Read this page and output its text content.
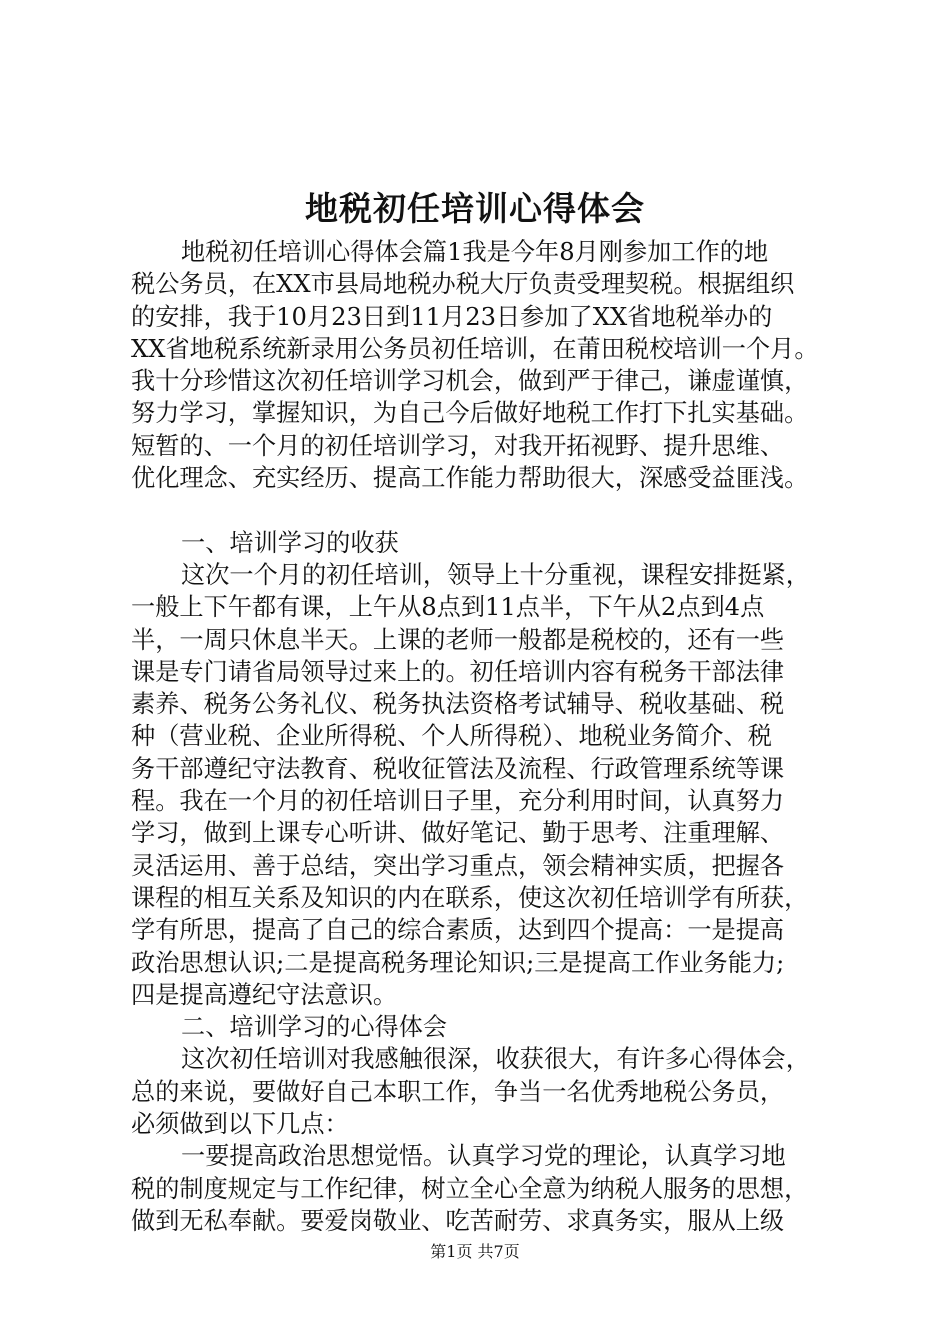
地税初任培训心得体会
地税初任培训心得体会篇1我是今年8月刚参加工作的地
税公务员，在XX市县局地税办税大厅负责受理契税。根据组织
的安排，我于10月23日到11月23日参加了XX省地税举办的
XX省地税系统新录用公务员初任培训，在莆田税校培训一个月。
我十分珍惜这次初任培训学习机会，做到严于律己，谦虚谨慎，
努力学习，掌握知识，为自己今后做好地税工作打下扎实基础。
短暂的、一个月的初任培训学习，对我开拓视野、提升思维、
优化理念、充实经历、提高工作能力帮助很大，深感受益匪浅。
一、培训学习的收获
这次一个月的初任培训，领导上十分重视，课程安排挺紧，
一般上下午都有课，上午从8点到11点半，下午从2点到4点
半，一周只休息半天。上课的老师一般都是税校的，还有一些
课是专门请省局领导过来上的。初任培训内容有税务干部法律
素养、税务公务礼仪、税务执法资格考试辅导、税收基础、税
种（营业税、企业所得税、个人所得税）、地税业务简介、税
务干部遵纪守法教育、税收征管法及流程、行政管理系统等课
程。我在一个月的初任培训日子里，充分利用时间，认真努力
学习，做到上课专心听讲、做好笔记、勤于思考、注重理解、
灵活运用、善于总结，突出学习重点，领会精神实质，把握各
课程的相互关系及知识的内在联系，使这次初任培训学有所获，
学有所思，提高了自己的综合素质，达到四个提高：一是提高
政治思想认识;二是提高税务理论知识;三是提高工作业务能力;
四是提高遵纪守法意识。
二、培训学习的心得体会
这次初任培训对我感触很深，收获很大，有许多心得体会，
总的来说，要做好自己本职工作，争当一名优秀地税公务员，
必须做到以下几点：
一要提高政治思想觉悟。认真学习党的理论，认真学习地
税的制度规定与工作纪律，树立全心全意为纳税人服务的思想，
做到无私奉献。要爱岗敬业、吃苦耐劳、求真务实，服从上级
第1页 共7页
